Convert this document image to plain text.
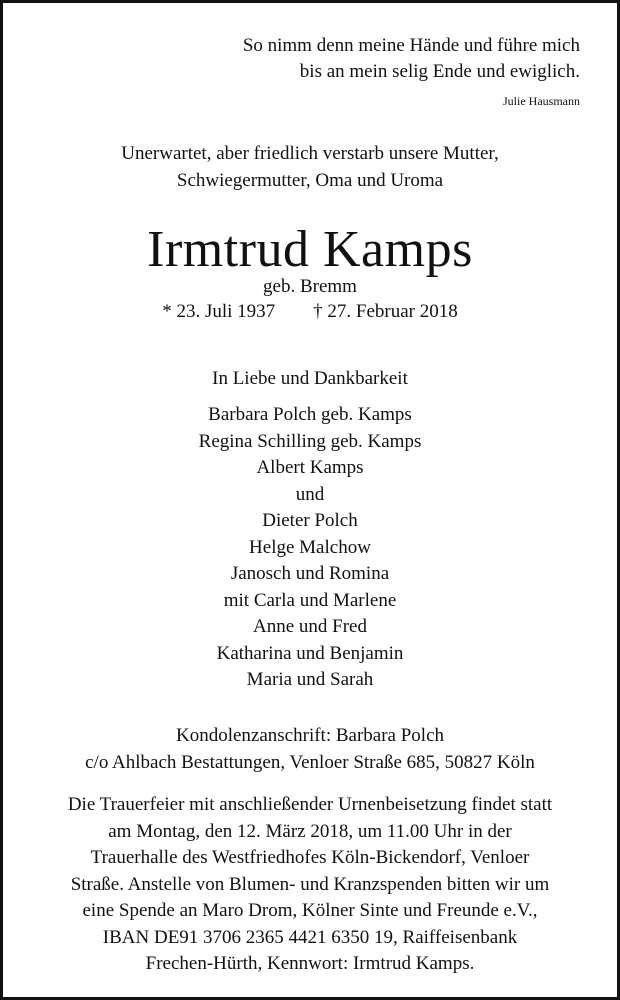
So nimm denn meine Hände und führe mich
bis an mein selig Ende und ewiglich.
Julie Hausmann
Unerwartet, aber friedlich verstarb unsere Mutter,
Schwiegermutter, Oma und Uroma
Irmtrud Kamps
geb. Bremm
* 23. Juli 1937 † 27. Februar 2018
In Liebe und Dankbarkeit
Barbara Polch geb. Kamps
Regina Schilling geb. Kamps
Albert Kamps
und
Dieter Polch
Helge Malchow
Janosch und Romina
mit Carla und Marlene
Anne und Fred
Katharina und Benjamin
Maria und Sarah
Kondolenzanschrift: Barbara Polch
c/o Ahlbach Bestattungen, Venloer Straße 685, 50827 Köln
Die Trauerfeier mit anschließender Urnenbeisetzung findet statt
am Montag, den 12. März 2018, um 11.00 Uhr in der
Trauerhalle des Westfriedhofes Köln-Bickendorf, Venloer
Straße. Anstelle von Blumen- und Kranzspenden bitten wir um
eine Spende an Maro Drom, Kölner Sinte und Freunde e.V.,
IBAN DE91 3706 2365 4421 6350 19, Raiffeisenbank
Frechen-Hürth, Kennwort: Irmtrud Kamps.
